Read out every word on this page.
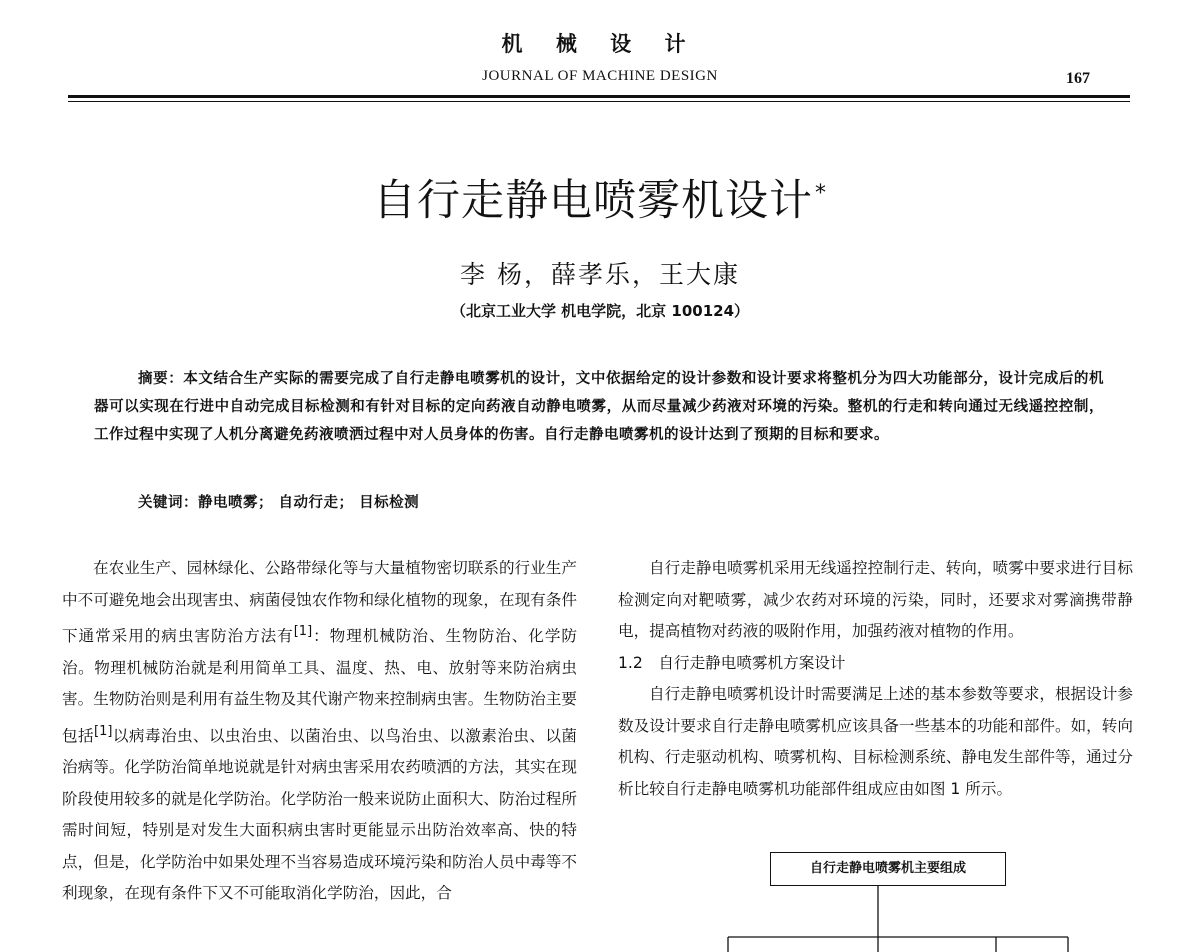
机 械 设 计
JOURNAL OF MACHINE DESIGN	167
自行走静电喷雾机设计*
李 杨，薛孝乐，王大康
（北京工业大学 机电学院，北京 100124）

摘要：本文结合生产实际的需要完成了自行走静电喷雾机的设计，文中依据给定的设计参数和设计要求将整机分为四大功能部分，设计完成后的机器可以实现在行进中自动完成目标检测和有针对目标的定向药液自动静电喷雾，从而尽量减少药液对环境的污染。整机的行走和转向通过无线遥控控制，工作过程中实现了人机分离避免药液喷洒过程中对人员身体的伤害。自行走静电喷雾机的设计达到了预期的目标和要求。

关键词：静电喷雾； 自动行走； 目标检测

在农业生产、园林绿化、公路带绿化等与大量植物密切联系的行业生产中不可避免地会出现害虫、病菌侵蚀农作物和绿化植物的现象，在现有条件下通常采用的病虫害防治方法有[1]：物理机械防治、生物防治、化学防治。物理机械防治就是利用简单工具、温度、热、电、放射等来防治病虫害。生物防治则是利用有益生物及其代谢产物来控制病虫害。生物防治主要包括[1]以病毒治虫、以虫治虫、以菌治虫、以鸟治虫、以激素治虫、以菌治病等。化学防治简单地说就是针对病虫害采用农药喷洒的方法，其实在现阶段使用较多的就是化学防治。化学防治一般来说防止面积大、防治过程所需时间短，特别是对发生大面积病虫害时更能显示出防治效率高、快的特点，但是，化学防治中如果处理不当容易造成环境污染和防治人员中毒等不利现象，在现有条件下又不可能取消化学防治，因此，合

自行走静电喷雾机采用无线遥控控制行走、转向，喷雾中要求进行目标检测定向对靶喷雾，减少农药对环境的污染，同时，还要求对雾滴携带静电，提高植物对药液的吸附作用，加强药液对植物的作用。

1.2　自行走静电喷雾机方案设计

自行走静电喷雾机设计时需要满足上述的基本参数等要求，根据设计参数及设计要求自行走静电喷雾机应该具备一些基本的功能和部件。如，转向机构、行走驱动机构、喷雾机构、目标检测系统、静电发生部件等，通过分析比较自行走静电喷雾机功能部件组成应由如图 1 所示。

自行走静电喷雾机主要组成
